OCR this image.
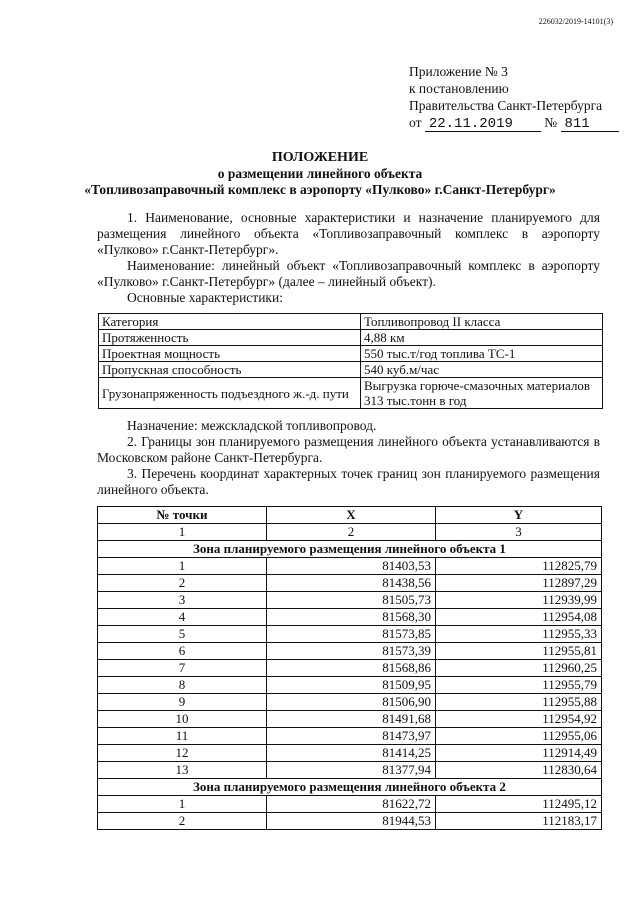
226032/2019-14101(3)
Приложение № 3
к постановлению
Правительства Санкт-Петербурга
от 22.11.2019 № 811
ПОЛОЖЕНИЕ
о размещении линейного объекта
«Топливозаправочный комплекс в аэропорту «Пулково» г.Санкт-Петербург»

1. Наименование, основные характеристики и назначение планируемого для размещения линейного объекта «Топливозаправочный комплекс в аэропорту «Пулково» г.Санкт-Петербург».

Наименование: линейный объект «Топливозаправочный комплекс в аэропорту «Пулково» г.Санкт-Петербург» (далее – линейный объект).

Основные характеристики:

Категория	Топливопровод II класса
Протяженность	4,88 км
Проектная мощность	550 тыс.т/год топлива ТС-1
Пропускная способность	540 куб.м/час
Грузонапряженность подъездного ж.-д. пути	Выгрузка горюче-смазочных материалов 313 тыс.тонн в год

Назначение: межскладской топливопровод.

2. Границы зон планируемого размещения линейного объекта устанавливаются в Московском районе Санкт-Петербурга.

3. Перечень координат характерных точек границ зон планируемого размещения линейного объекта.

№ точки	X	Y
1	2	3
Зона планируемого размещения линейного объекта 1		
1	81403,53	112825,79
2	81438,56	112897,29
3	81505,73	112939,99
4	81568,30	112954,08
5	81573,85	112955,33
6	81573,39	112955,81
7	81568,86	112960,25
8	81509,95	112955,79
9	81506,90	112955,88
10	81491,68	112954,92
11	81473,97	112955,06
12	81414,25	112914,49
13	81377,94	112830,64
Зона планируемого размещения линейного объекта 2		
1	81622,72	112495,12
2	81944,53	112183,17
